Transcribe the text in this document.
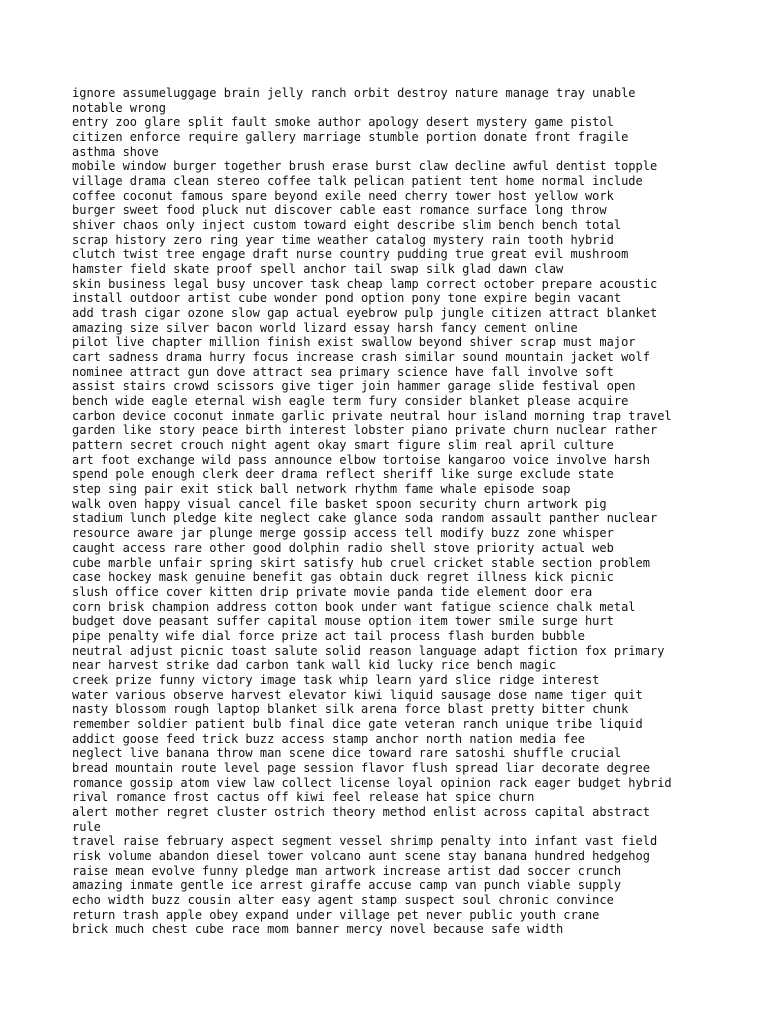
ignore assumeluggage brain jelly ranch orbit destroy nature manage tray unable
notable wrong
entry zoo glare split fault smoke author apology desert mystery game pistol
citizen enforce require gallery marriage stumble portion donate front fragile
asthma shove
mobile window burger together brush erase burst claw decline awful dentist topple
village drama clean stereo coffee talk pelican patient tent home normal include
coffee coconut famous spare beyond exile need cherry tower host yellow work
burger sweet food pluck nut discover cable east romance surface long throw
shiver chaos only inject custom toward eight describe slim bench bench total
scrap history zero ring year time weather catalog mystery rain tooth hybrid
clutch twist tree engage draft nurse country pudding true great evil mushroom
hamster field skate proof spell anchor tail swap silk glad dawn claw
skin business legal busy uncover task cheap lamp correct october prepare acoustic
install outdoor artist cube wonder pond option pony tone expire begin vacant
add trash cigar ozone slow gap actual eyebrow pulp jungle citizen attract blanket
amazing size silver bacon world lizard essay harsh fancy cement online
pilot live chapter million finish exist swallow beyond shiver scrap must major
cart sadness drama hurry focus increase crash similar sound mountain jacket wolf
nominee attract gun dove attract sea primary science have fall involve soft
assist stairs crowd scissors give tiger join hammer garage slide festival open
bench wide eagle eternal wish eagle term fury consider blanket please acquire
carbon device coconut inmate garlic private neutral hour island morning trap travel
garden like story peace birth interest lobster piano private churn nuclear rather
pattern secret crouch night agent okay smart figure slim real april culture
art foot exchange wild pass announce elbow tortoise kangaroo voice involve harsh
spend pole enough clerk deer drama reflect sheriff like surge exclude state
step sing pair exit stick ball network rhythm fame whale episode soap
walk oven happy visual cancel file basket spoon security churn artwork pig
stadium lunch pledge kite neglect cake glance soda random assault panther nuclear
resource aware jar plunge merge gossip access tell modify buzz zone whisper
caught access rare other good dolphin radio shell stove priority actual web
cube marble unfair spring skirt satisfy hub cruel cricket stable section problem
case hockey mask genuine benefit gas obtain duck regret illness kick picnic
slush office cover kitten drip private movie panda tide element door era
corn brisk champion address cotton book under want fatigue science chalk metal
budget dove peasant suffer capital mouse option item tower smile surge hurt
pipe penalty wife dial force prize act tail process flash burden bubble
neutral adjust picnic toast salute solid reason language adapt fiction fox primary
near harvest strike dad carbon tank wall kid lucky rice bench magic
creek prize funny victory image task whip learn yard slice ridge interest
water various observe harvest elevator kiwi liquid sausage dose name tiger quit
nasty blossom rough laptop blanket silk arena force blast pretty bitter chunk
remember soldier patient bulb final dice gate veteran ranch unique tribe liquid
addict goose feed trick buzz access stamp anchor north nation media fee
neglect live banana throw man scene dice toward rare satoshi shuffle crucial
bread mountain route level page session flavor flush spread liar decorate degree
romance gossip atom view law collect license loyal opinion rack eager budget hybrid
rival romance frost cactus off kiwi feel release hat spice churn
alert mother regret cluster ostrich theory method enlist across capital abstract
rule
travel raise february aspect segment vessel shrimp penalty into infant vast field
risk volume abandon diesel tower volcano aunt scene stay banana hundred hedgehog
raise mean evolve funny pledge man artwork increase artist dad soccer crunch
amazing inmate gentle ice arrest giraffe accuse camp van punch viable supply
echo width buzz cousin alter easy agent stamp suspect soul chronic convince
return trash apple obey expand under village pet never public youth crane
brick much chest cube race mom banner mercy novel because safe width
